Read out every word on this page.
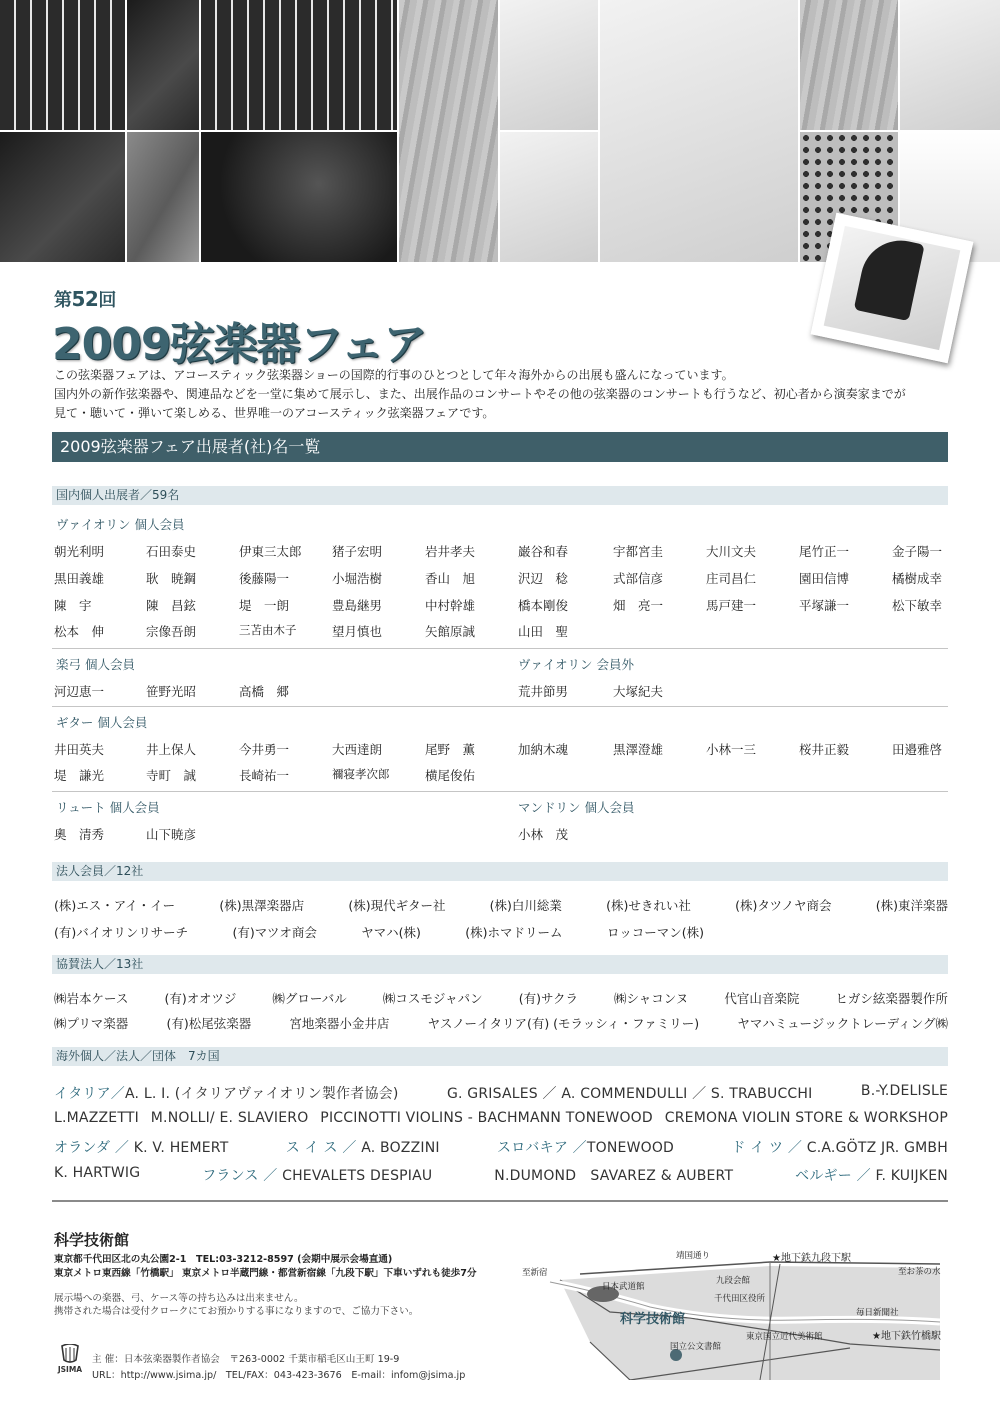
第52回
2009弦楽器フェア

この弦楽器フェアは、アコースティック弦楽器ショーの国際的行事のひとつとして年々海外からの出展も盛んになっています。

国内外の新作弦楽器や、関連品などを一堂に集めて展示し、また、出展作品のコンサートやその他の弦楽器のコンサートも行うなど、初心者から演奏家までが

見て・聴いて・弾いて楽しめる、世界唯一のアコースティック弦楽器フェアです。

2009弦楽器フェア出展者(社)名一覧
国内個人出展者／59名
ヴァイオリン 個人会員
朝光利明	石田泰史	伊東三太郎 猪子宏明	岩井孝夫	巌谷和春	宇都宮圭	大川文夫	尾竹正一	金子陽一
黒田義雄	耿　暁鋼	後藤陽一	小堀浩樹	香山　旭	沢辺　稔	式部信彦	庄司昌仁	園田信博	橘樹成幸
陳　宇	陳　昌鉉	堤　一朗	豊島継男	中村幹雄	橋本剛俊	畑　亮一	馬戸建一	平塚謙一	松下敏幸
松本　伸	宗像吾朗	三苫由木子	望月慎也	矢館原誠	山田　聖
楽弓 個人会員	ヴァイオリン 会員外
河辺恵一	笹野光昭	高橋　郷	荒井節男	大塚紀夫
ギター 個人会員
井田英夫	井上保人	今井勇一	大西達朗	尾野　薫	加納木魂	黒澤澄雄	小林一三	桜井正毅	田邉雅啓
堤　謙光	寺町　誠	長崎祐一	禰寝孝次郎	横尾俊佑
リュート 個人会員	マンドリン 個人会員
奧　清秀	山下暁彦	小林　茂
法人会員／12社
(株)エス・アイ・イー	(株)黒澤楽器店	(株)現代ギター社	(株)白川総業	(株)せきれい社	(株)タツノヤ商会	(株)東洋楽器
(有)バイオリンリサーチ	(有)マツオ商会	ヤマハ(株)	(株)ホマドリーム	ロッコーマン(株)
協賛法人／13社
㈱岩本ケース	(有)オオツジ	㈱グローバル	㈱コスモジャパン	(有)サクラ	㈱シャコンヌ	代官山音楽院	ヒガシ絃楽器製作所
㈱プリマ楽器	(有)松尾弦楽器	宮地楽器小金井店	ヤスノーイタリア(有) (モラッシィ・ファミリー)	ヤマハミュージックトレーディング㈱
海外個人／法人／団体　7カ国
イタリア／A. L. I. (イタリアヴァイオリン製作者協会)	G. GRISALES ／ A. COMMENDULLI ／ S. TRABUCCHI	B.-Y.DELISLE
L.MAZZETTI M.NOLLI/ E. SLAVIERO PICCINOTTI VIOLINS - BACHMANN TONEWOOD CREMONA VIOLIN STORE & WORKSHOP
オランダ ／ K. V. HEMERT	ス イ ス ／ A. BOZZINI	スロバキア ／TONEWOOD	ド イ ツ ／ C.A.GÖTZ JR. GMBH
K. HARTWIG	フランス ／ CHEVALETS DESPIAU	N.DUMOND　SAVAREZ & AUBERT	ベルギー ／ F. KUIJKEN
科学技術館
東京都千代田区北の丸公園2-1　TEL:03-3212-8597 (会期中展示会場直通)
東京メトロ東西線「竹橋駅」 東京メトロ半蔵門線・都営新宿線「九段下駅」下車いずれも徒歩7分
展示場への楽器、弓、ケース等の持ち込みは出来ません。
携帯された場合は受付クロークにてお預かりする事になりますので、ご協力下さい。
JSIMA
主 催：日本弦楽器製作者協会　〒263-0002 千葉市稲毛区山王町 19-9
URL：http://www.jsima.jp/　TEL/FAX：043-423-3676　E-mail：infom@jsima.jp
至新宿
靖国通り	★地下鉄九段下駅
至お茶の水
日本武道館
九段会館
千代田区役所
科学技術館	毎日新聞社
国立公文書館
東京国立近代美術館	★地下鉄竹橋駅
